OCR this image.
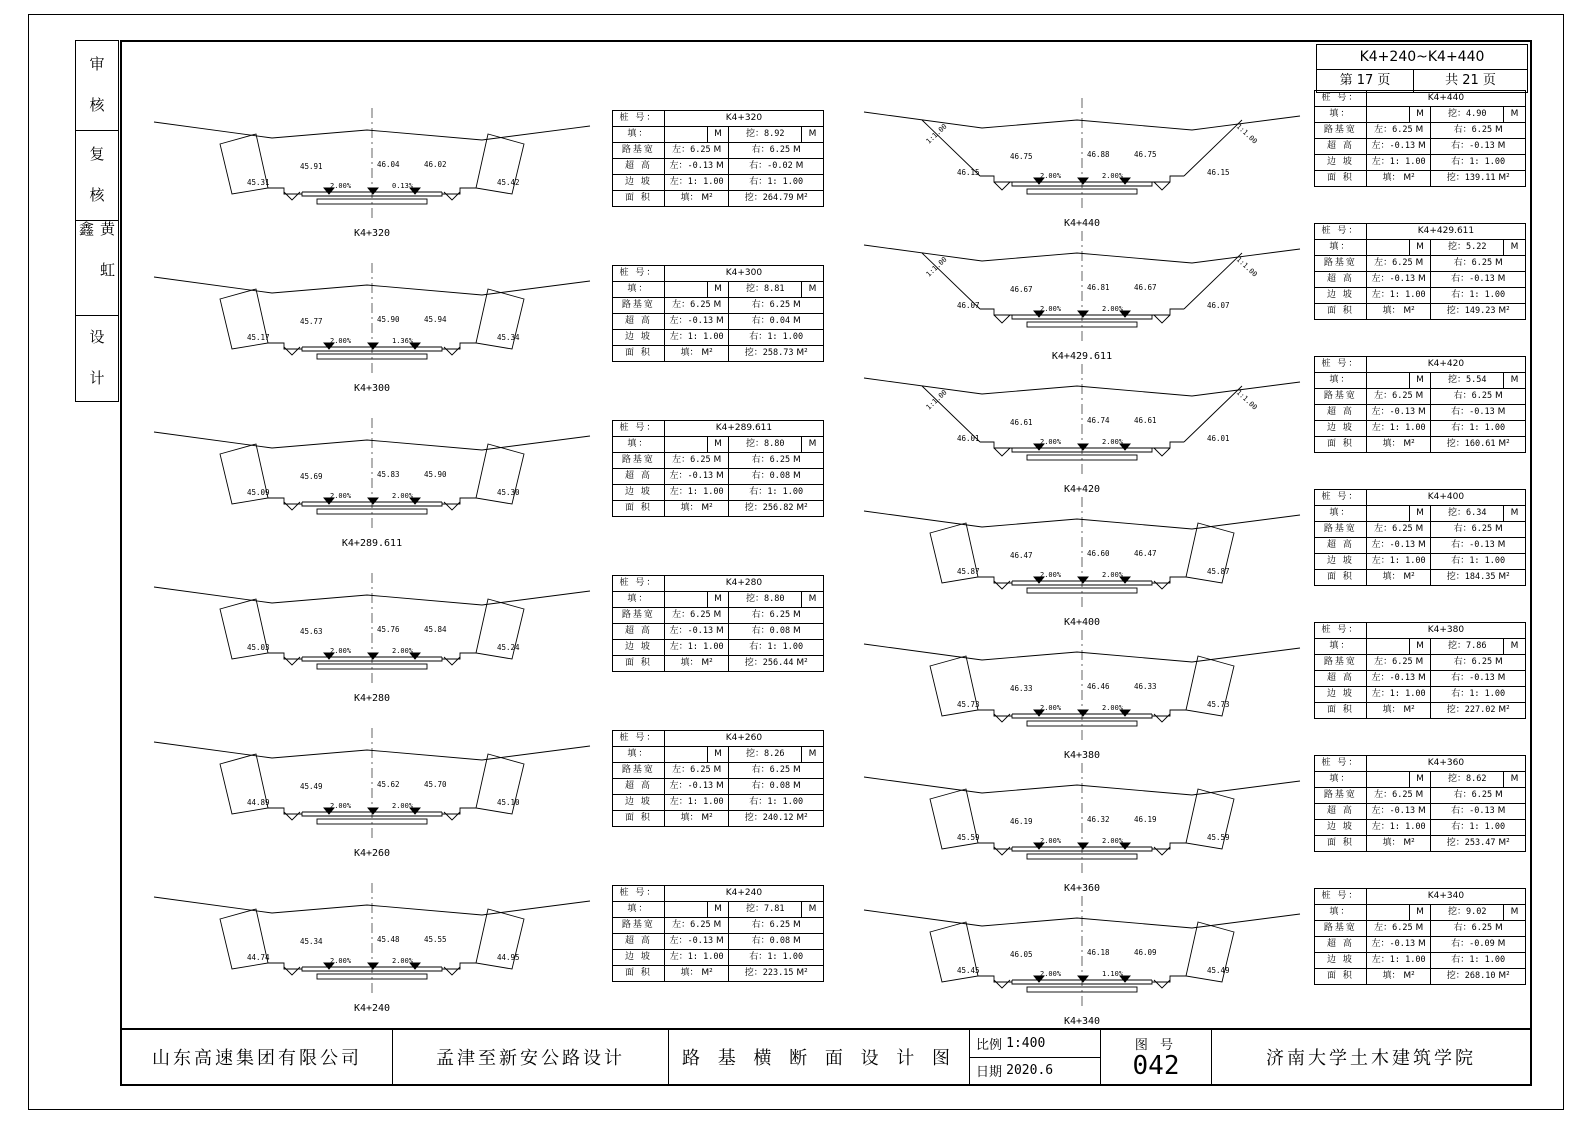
审 核
复 核
黄 虹 鑫
设 计
K4+240~K4+440
第 17 页	共 21 页
45.31
45.91	46.04	46.02
45.42
2.00%	0.13%
K4+320
45.17
45.77	45.90	45.94
45.34
2.00%	1.36%
K4+300
45.09
45.69	45.83	45.90
45.30
2.00%	2.00%
K4+289.611
45.03
45.63	45.76	45.84
45.24
2.00%	2.00%
K4+280
44.89
45.49	45.62	45.70
45.10
2.00%	2.00%
K4+260
44.74
45.34	45.48	45.55
44.95
2.00%	2.00%
K4+240
桩 号：	K4+320			
填：		M	挖：8.92	M
路基宽	左：6.25 M		右：6.25 M	
超 高	左：-0.13 M		右：-0.02 M	
边 坡	左：1: 1.00		右：1: 1.00	
面 积	填： M²		挖：264.79 M²	
桩 号：	K4+300			
填：		M	挖：8.81	M
路基宽	左：6.25 M		右：6.25 M	
超 高	左：-0.13 M		右：0.04 M	
边 坡	左：1: 1.00		右：1: 1.00	
面 积	填： M²		挖：258.73 M²	
桩 号：	K4+289.611			
填：		M	挖：8.80	M
路基宽	左：6.25 M		右：6.25 M	
超 高	左：-0.13 M		右：0.08 M	
边 坡	左：1: 1.00		右：1: 1.00	
面 积	填： M²		挖：256.82 M²	
桩 号：	K4+280			
填：		M	挖：8.80	M
路基宽	左：6.25 M		右：6.25 M	
超 高	左：-0.13 M		右：0.08 M	
边 坡	左：1: 1.00		右：1: 1.00	
面 积	填： M²		挖：256.44 M²	
桩 号：	K4+260			
填：		M	挖：8.26	M
路基宽	左：6.25 M		右：6.25 M	
超 高	左：-0.13 M		右：0.08 M	
边 坡	左：1: 1.00		右：1: 1.00	
面 积	填： M²		挖：240.12 M²	
桩 号：	K4+240			
填：		M	挖：7.81	M
路基宽	左：6.25 M		右：6.25 M	
超 高	左：-0.13 M		右：0.08 M	
边 坡	左：1: 1.00		右：1: 1.00	
面 积	填： M²		挖：223.15 M²	
46.15
46.75	46.88	46.75
46.15
2.00%	2.00%
1:1.00	1:1.00
K4+440
46.07
46.67	46.81	46.67
46.07
2.00%	2.00%
1:1.00	1:1.00
K4+429.611
46.01
46.61	46.74	46.61
46.01
2.00%	2.00%
1:1.00	1:1.00
K4+420
45.87
46.47	46.60	46.47
45.87
2.00%	2.00%
K4+400
45.73
46.33	46.46	46.33
45.73
2.00%	2.00%
K4+380
45.59
46.19	46.32	46.19
45.59
2.00%	2.00%
K4+360
45.45
46.05	46.18	46.09
45.49
2.00%	1.10%
K4+340
桩 号：	K4+440			
填：		M	挖：4.90	M
路基宽	左：6.25 M		右：6.25 M	
超 高	左：-0.13 M		右：-0.13 M	
边 坡	左：1: 1.00		右：1: 1.00	
面 积	填： M²		挖：139.11 M²	
桩 号：	K4+429.611			
填：		M	挖：5.22	M
路基宽	左：6.25 M		右：6.25 M	
超 高	左：-0.13 M		右：-0.13 M	
边 坡	左：1: 1.00		右：1: 1.00	
面 积	填： M²		挖：149.23 M²	
桩 号：	K4+420			
填：		M	挖：5.54	M
路基宽	左：6.25 M		右：6.25 M	
超 高	左：-0.13 M		右：-0.13 M	
边 坡	左：1: 1.00		右：1: 1.00	
面 积	填： M²		挖：160.61 M²	
桩 号：	K4+400			
填：		M	挖：6.34	M
路基宽	左：6.25 M		右：6.25 M	
超 高	左：-0.13 M		右：-0.13 M	
边 坡	左：1: 1.00		右：1: 1.00	
面 积	填： M²		挖：184.35 M²	
桩 号：	K4+380			
填：		M	挖：7.86	M
路基宽	左：6.25 M		右：6.25 M	
超 高	左：-0.13 M		右：-0.13 M	
边 坡	左：1: 1.00		右：1: 1.00	
面 积	填： M²		挖：227.02 M²	
桩 号：	K4+360			
填：		M	挖：8.62	M
路基宽	左：6.25 M		右：6.25 M	
超 高	左：-0.13 M		右：-0.13 M	
边 坡	左：1: 1.00		右：1: 1.00	
面 积	填： M²		挖：253.47 M²	
桩 号：	K4+340			
填：		M	挖：9.02	M
路基宽	左：6.25 M		右：6.25 M	
超 高	左：-0.13 M		右：-0.09 M	
边 坡	左：1: 1.00		右：1: 1.00	
面 积	填： M²		挖：268.10 M²	
山东高速集团有限公司	孟津至新安公路设计	路 基 横 断 面 设 计 图
比例
1:400
日期
2020.6
图 号
042	济南大学土木建筑学院
